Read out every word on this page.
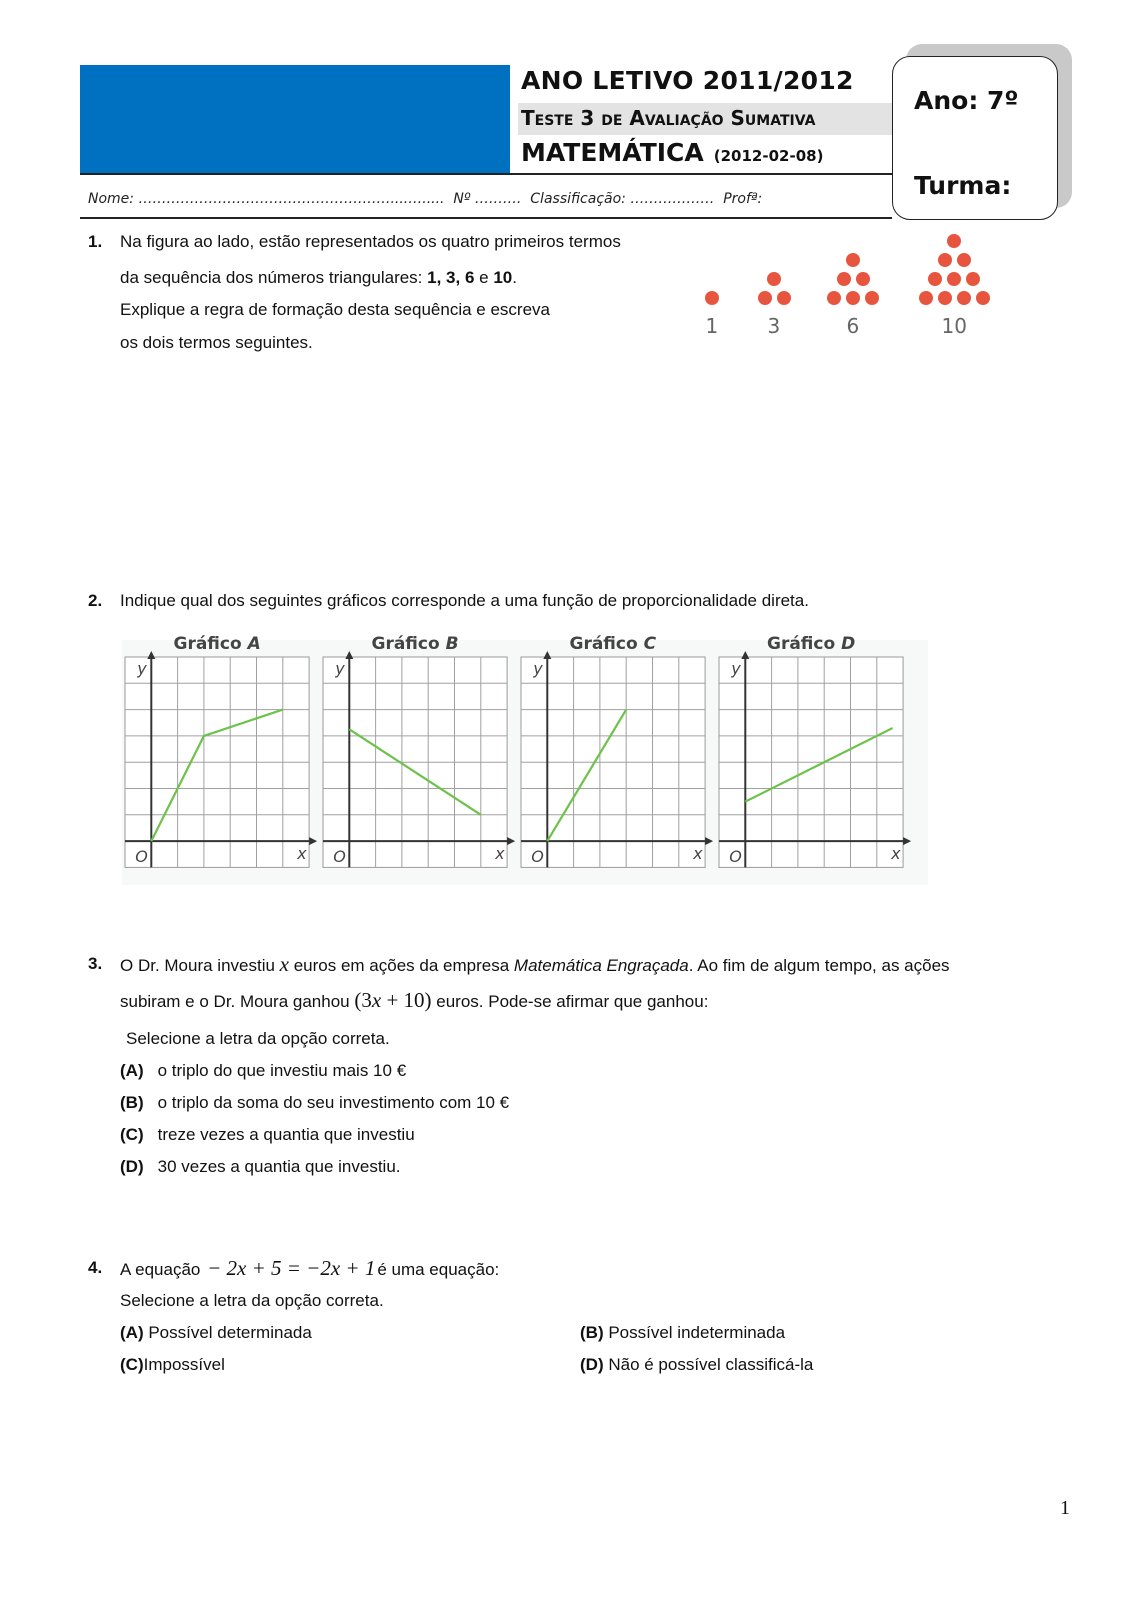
ANO LETIVO 2011/2012
Teste 3 de Avaliação Sumativa
MATEMÁTICA (2012-02-08)
Nome: ………………………………………………....….....  Nº ……….  Classificação: ………………  Profª:
Ano: 7º
Turma:
1. Na figura ao lado, estão representados os quatro primeiros termos
da sequência dos números triangulares: 1, 3, 6 e 10.
Explique a regra de formação desta sequência e escreva
os dois termos seguintes.
1 3	6	10
2. Indique qual dos seguintes gráficos corresponde a uma função de proporcionalidade direta.
Gráfico A
y
x
O
Gráfico B
y
x
O
Gráfico C
y
x
O
Gráfico D
y
x
O
3. O Dr. Moura investiu x euros em ações da empresa Matemática Engraçada. Ao fim de algum tempo, as ações
subiram e o Dr. Moura ganhou (3x + 10) euros. Pode-se afirmar que ganhou:
Selecione a letra da opção correta.
(A) o triplo do que investiu mais 10 €
(B) o triplo da soma do seu investimento com 10 €
(C) treze vezes a quantia que investiu
(D) 30 vezes a quantia que investiu.
4. A equação − 2x + 5 = −2x + 1 é uma equação:
Selecione a letra da opção correta.
(A) Possível determinada	(B) Possível indeterminada
(C)Impossível	(D) Não é possível classificá-la
1
